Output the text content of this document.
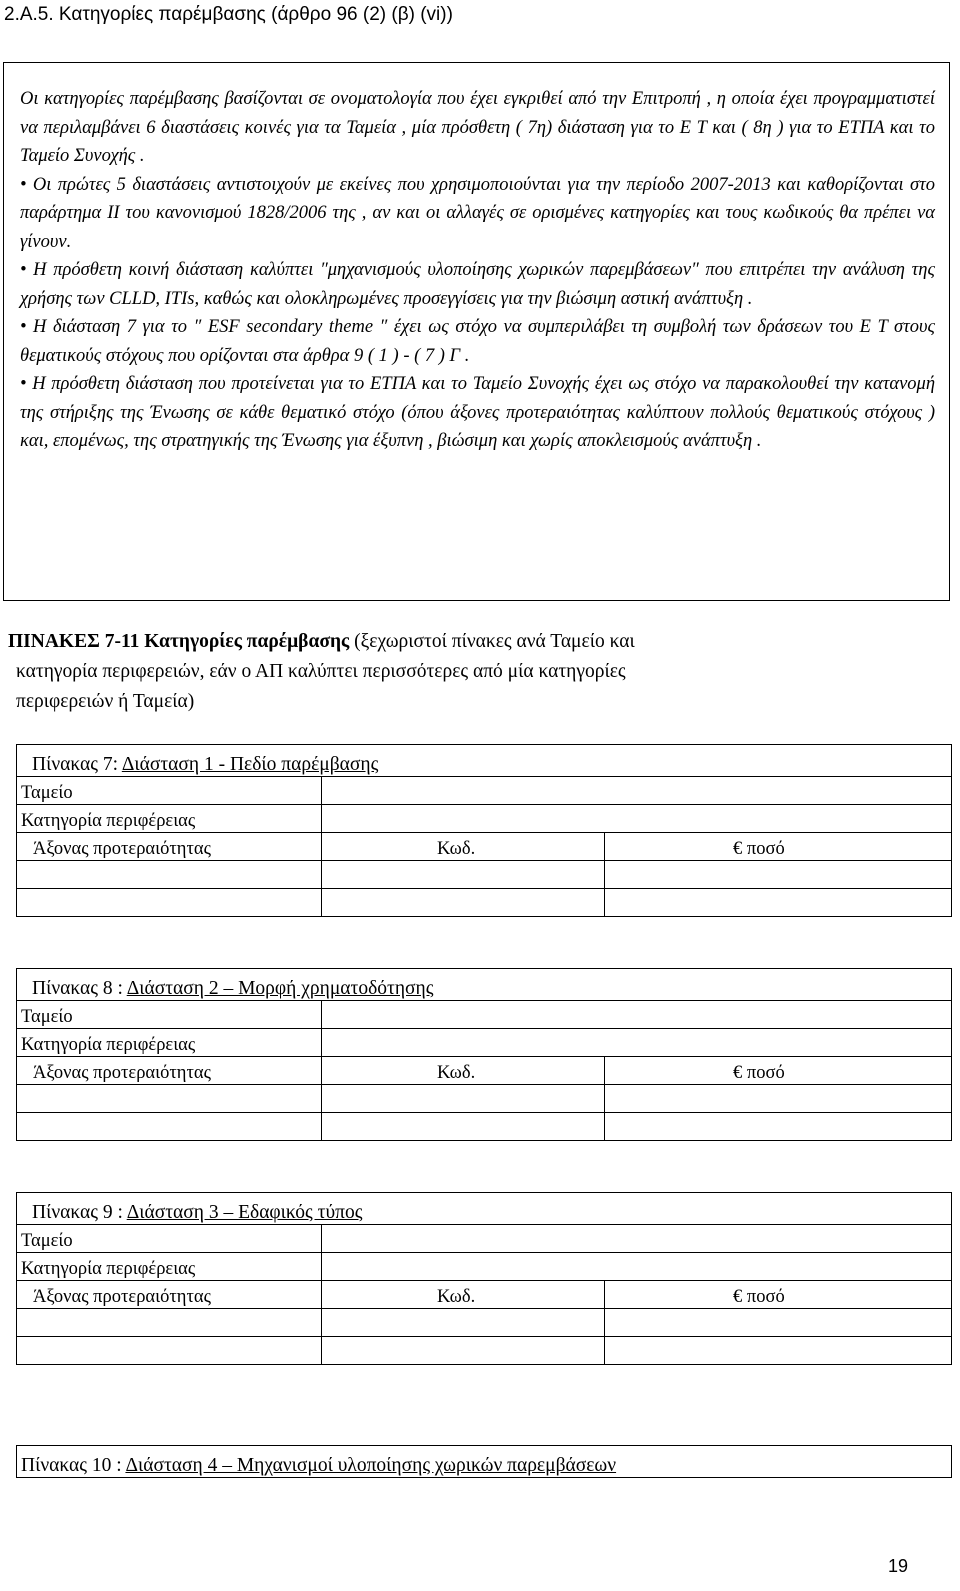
2.A.5. Κατηγορίες παρέμβασης (άρθρο 96 (2) (β) (vi))

Οι κατηγορίες παρέμβασης βασίζονται σε ονοματολογία που έχει εγκριθεί από την Επιτροπή , η οποία έχει προγραμματιστεί να περιλαμβάνει 6 διαστάσεις κοινές για τα Ταμεία , μία πρόσθετη ( 7η) διάσταση για το Ε Τ και ( 8η ) για το ΕΤΠΑ και το Ταμείο Συνοχής .

• Οι πρώτες 5 διαστάσεις αντιστοιχούν με εκείνες που χρησιμοποιούνται για την περίοδο 2007-2013 και καθορίζονται στο παράρτημα ΙΙ του κανονισμού 1828/2006 της , αν και οι αλλαγές σε ορισμένες κατηγορίες και τους κωδικούς θα πρέπει να γίνουν.

• Η πρόσθετη κοινή διάσταση καλύπτει ″μηχανισμούς υλοποίησης χωρικών παρεμβάσεων″ που επιτρέπει την ανάλυση της χρήσης των CLLD, ITIs, καθώς και ολοκληρωμένες προσεγγίσεις για την βιώσιμη αστική ανάπτυξη .

• Η διάσταση 7 για το ″ ESF secondary theme ″ έχει ως στόχο να συμπεριλάβει τη συμβολή των δράσεων του Ε Τ στους θεματικούς στόχους που ορίζονται στα άρθρα 9 ( 1 ) - ( 7 ) Γ .

• Η πρόσθετη διάσταση που προτείνεται για το ΕΤΠΑ και το Ταμείο Συνοχής έχει ως στόχο να παρακολουθεί την κατανομή της στήριξης της Ένωσης σε κάθε θεματικό στόχο (όπου άξονες προτεραιότητας καλύπτουν πολλούς θεματικούς στόχους ) και, επομένως, της στρατηγικής της Ένωσης για έξυπνη , βιώσιμη και χωρίς αποκλεισμούς ανάπτυξη .

ΠΙΝΑΚΕΣ 7-11 Κατηγορίες παρέμβασης (ξεχωριστοί πίνακες ανά Ταμείο και
κατηγορία περιφερειών, εάν ο ΑΠ καλύπτει περισσότερες από μία κατηγορίες
περιφερειών ή Ταμεία)
Πίνακας 7: Διάσταση 1 - Πεδίο παρέμβασης		
Ταμείο		
Κατηγορία περιφέρειας		
Άξονας προτεραιότητας	Κωδ.	€ ποσό

Πίνακας 8 : Διάσταση 2 – Μορφή χρηματοδότησης		
Ταμείο		
Κατηγορία περιφέρειας		
Άξονας προτεραιότητας	Κωδ.	€ ποσό

Πίνακας 9 : Διάσταση 3 – Εδαφικός τύπος		
Ταμείο		
Κατηγορία περιφέρειας		
Άξονας προτεραιότητας	Κωδ.	€ ποσό

Πίνακας 10 : Διάσταση 4 – Μηχανισμοί υλοποίησης χωρικών παρεμβάσεων
19
